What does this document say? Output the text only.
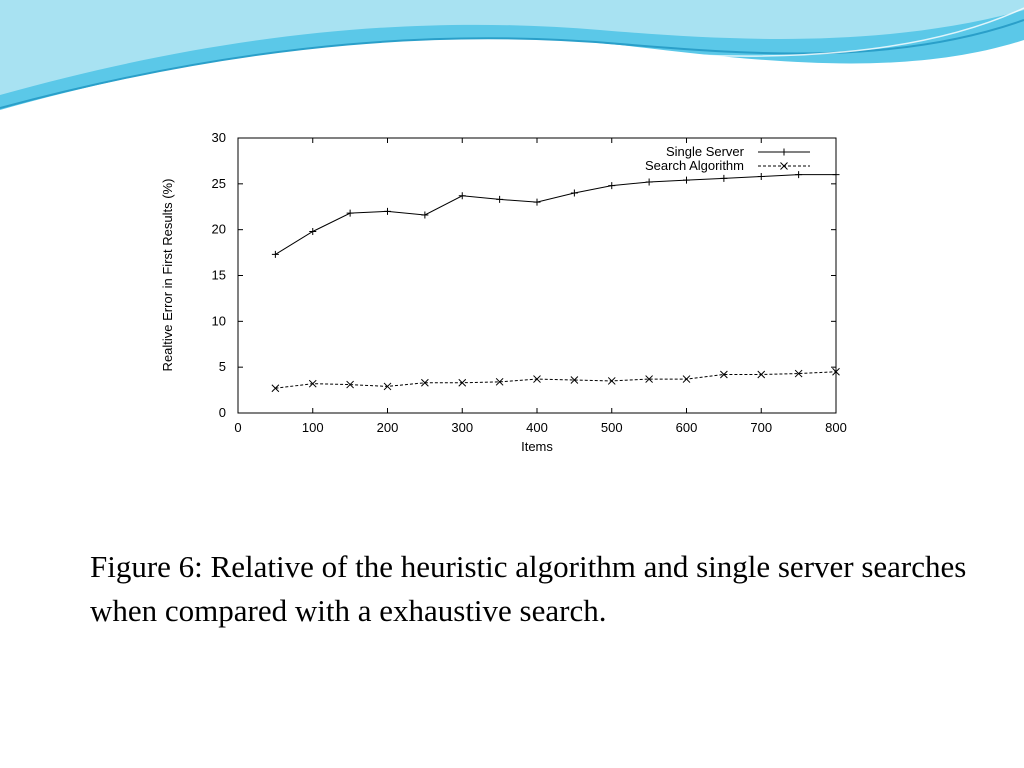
0	100	200	300	400	500	600	700	800
0
5
10
15
20
25
30
Items
Realtive Error in First Results (%)
Single Server
Search Algorithm

Figure 6: Relative of the heuristic algorithm and single server searches when compared with a exhaustive search.
